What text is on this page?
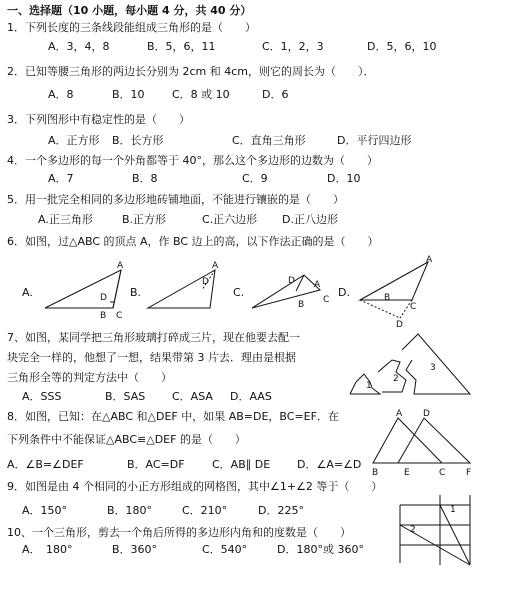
一、选择题（10 小题，每小题 4 分，共 40 分）
1．下列长度的三条线段能组成三角形的是（　　）
A．3，4，8	B．5，6，11	C．1，2，3	D．5，6，10
2．已知等腰三角形的两边长分别为 2cm 和 4cm，则它的周长为（　　）．
A．8	B．10 C．8 或 10	D．6
3．下列图形中有稳定性的是（　　）
A．正方形 B．长方形	C．直角三角形	D．平行四边形
4．一个多边形的每一个外角都等于 40°，那么这个多边形的边数为（　　）
A．7	B．8	C．9	D．10
5．用一批完全相同的多边形地砖铺地面，不能进行镶嵌的是（　　）
A.正三角形	B.正方形	C.正六边形 D.正八边形
6．如图，过△ABC 的顶点 A，作 BC 边上的高，以下作法正确的是（　　）
A.	B.	C.	D.
A
D
B C
A
D	D A
B C
A
B
C
D
7、如图，某同学把三角形玻璃打碎成三片，现在他要去配一
块完全一样的，他想了一想，结果带第 3 片去．理由是根据
三角形全等的判定方法中（　　）
A．SSS	B．SAS C．ASA D．AAS
1
2
3
8．如图，已知：在△ABC 和△DEF 中，如果 AB=DE，BC=EF．在
下列条件中不能保证△ABC≌△DEF 的是（　　）
A．∠B=∠DEF	B．AC=DF C．AB∥ DE D．∠A=∠D
A D
B	E	C F
9．如图是由 4 个相同的小正方形组成的网格图，其中∠1+∠2 等于（　　）
A．150°	B．180°	C．210°	D．225°	1
2
10、一个三角形，剪去一个角后所得的多边形内角和的度数是（　　）
A．　180°	B．360°	C．540°	D．180°或 360°
